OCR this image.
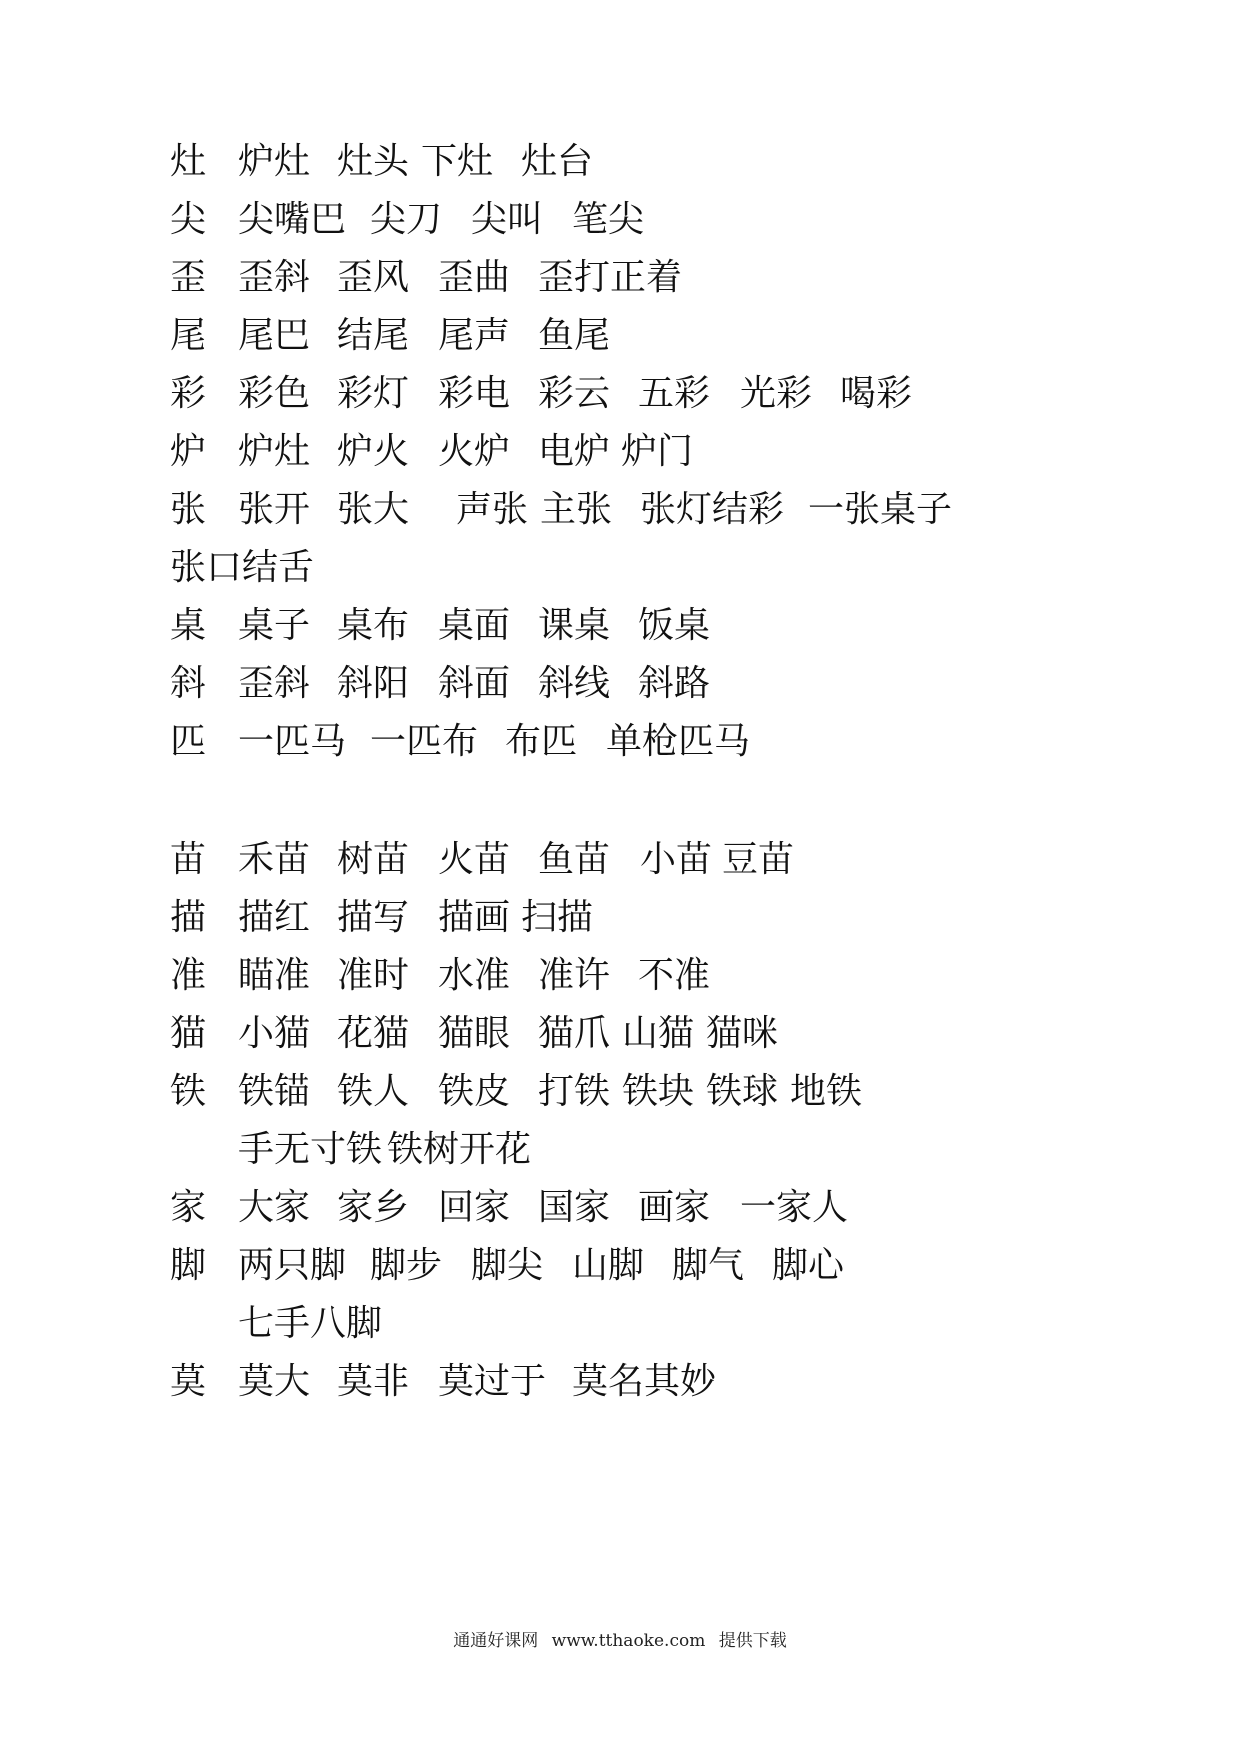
灶 炉灶 灶头 下灶 灶台
尖 尖嘴巴 尖刀 尖叫 笔尖
歪 歪斜 歪风 歪曲 歪打正着
尾 尾巴 结尾 尾声 鱼尾
彩 彩色 彩灯 彩电 彩云 五彩 光彩 喝彩
炉 炉灶 炉火 火炉 电炉 炉门
张 张开 张大 声张 主张 张灯结彩 一张桌子
张口结舌
桌 桌子 桌布 桌面 课桌 饭桌
斜 歪斜 斜阳 斜面 斜线 斜路
匹 一匹马 一匹布 布匹 单枪匹马
苗 禾苗 树苗 火苗 鱼苗 小苗 豆苗
描 描红 描写 描画 扫描
准 瞄准 准时 水准 准许 不准
猫 小猫 花猫 猫眼 猫爪 山猫 猫咪
铁 铁锚 铁人 铁皮 打铁 铁块 铁球 地铁
手无寸铁 铁树开花
家 大家 家乡 回家 国家 画家 一家人
脚 两只脚 脚步 脚尖 山脚 脚气 脚心
七手八脚
莫 莫大 莫非 莫过于 莫名其妙
通通好课网 www.tthaoke.com 提供下载
